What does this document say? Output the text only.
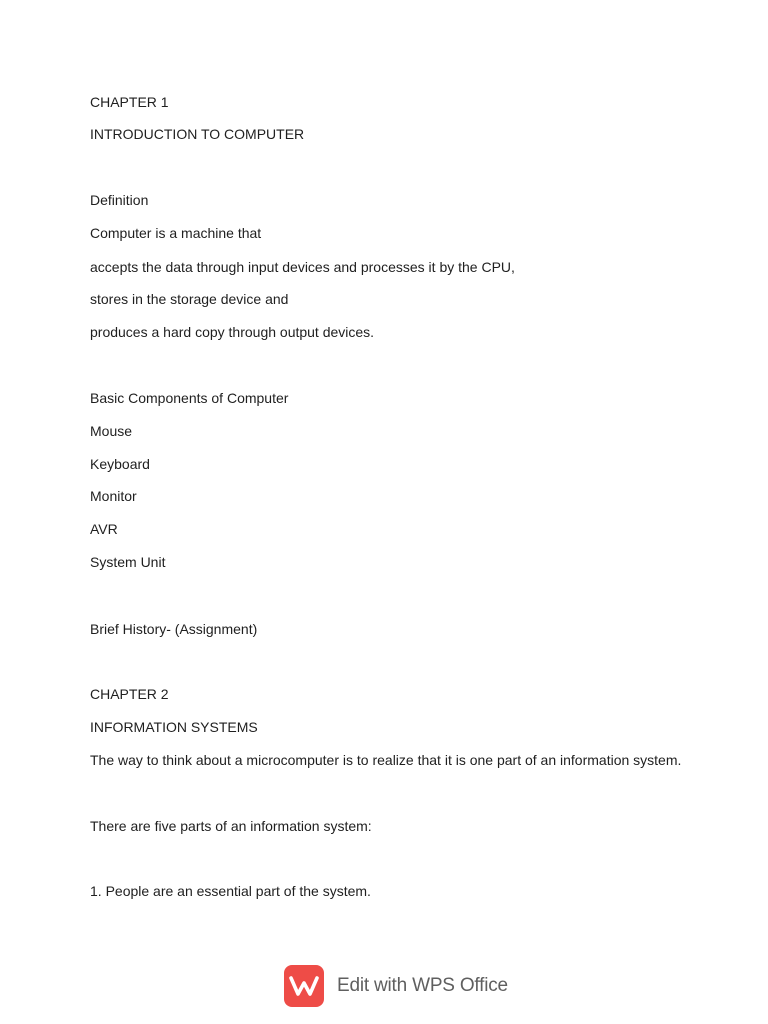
CHAPTER 1

INTRODUCTION TO COMPUTER

Definition

Computer is a machine that

accepts the data through input devices and processes it by the CPU,

stores in the storage device and

produces a hard copy through output devices.

Basic Components of Computer

Mouse

Keyboard

Monitor

AVR

System Unit

Brief History- (Assignment)

CHAPTER 2

INFORMATION SYSTEMS

The way to think about a microcomputer is to realize that it is one part of an information system.

There are five parts of an information system:

1. People are an essential part of the system.

Edit with WPS Office
